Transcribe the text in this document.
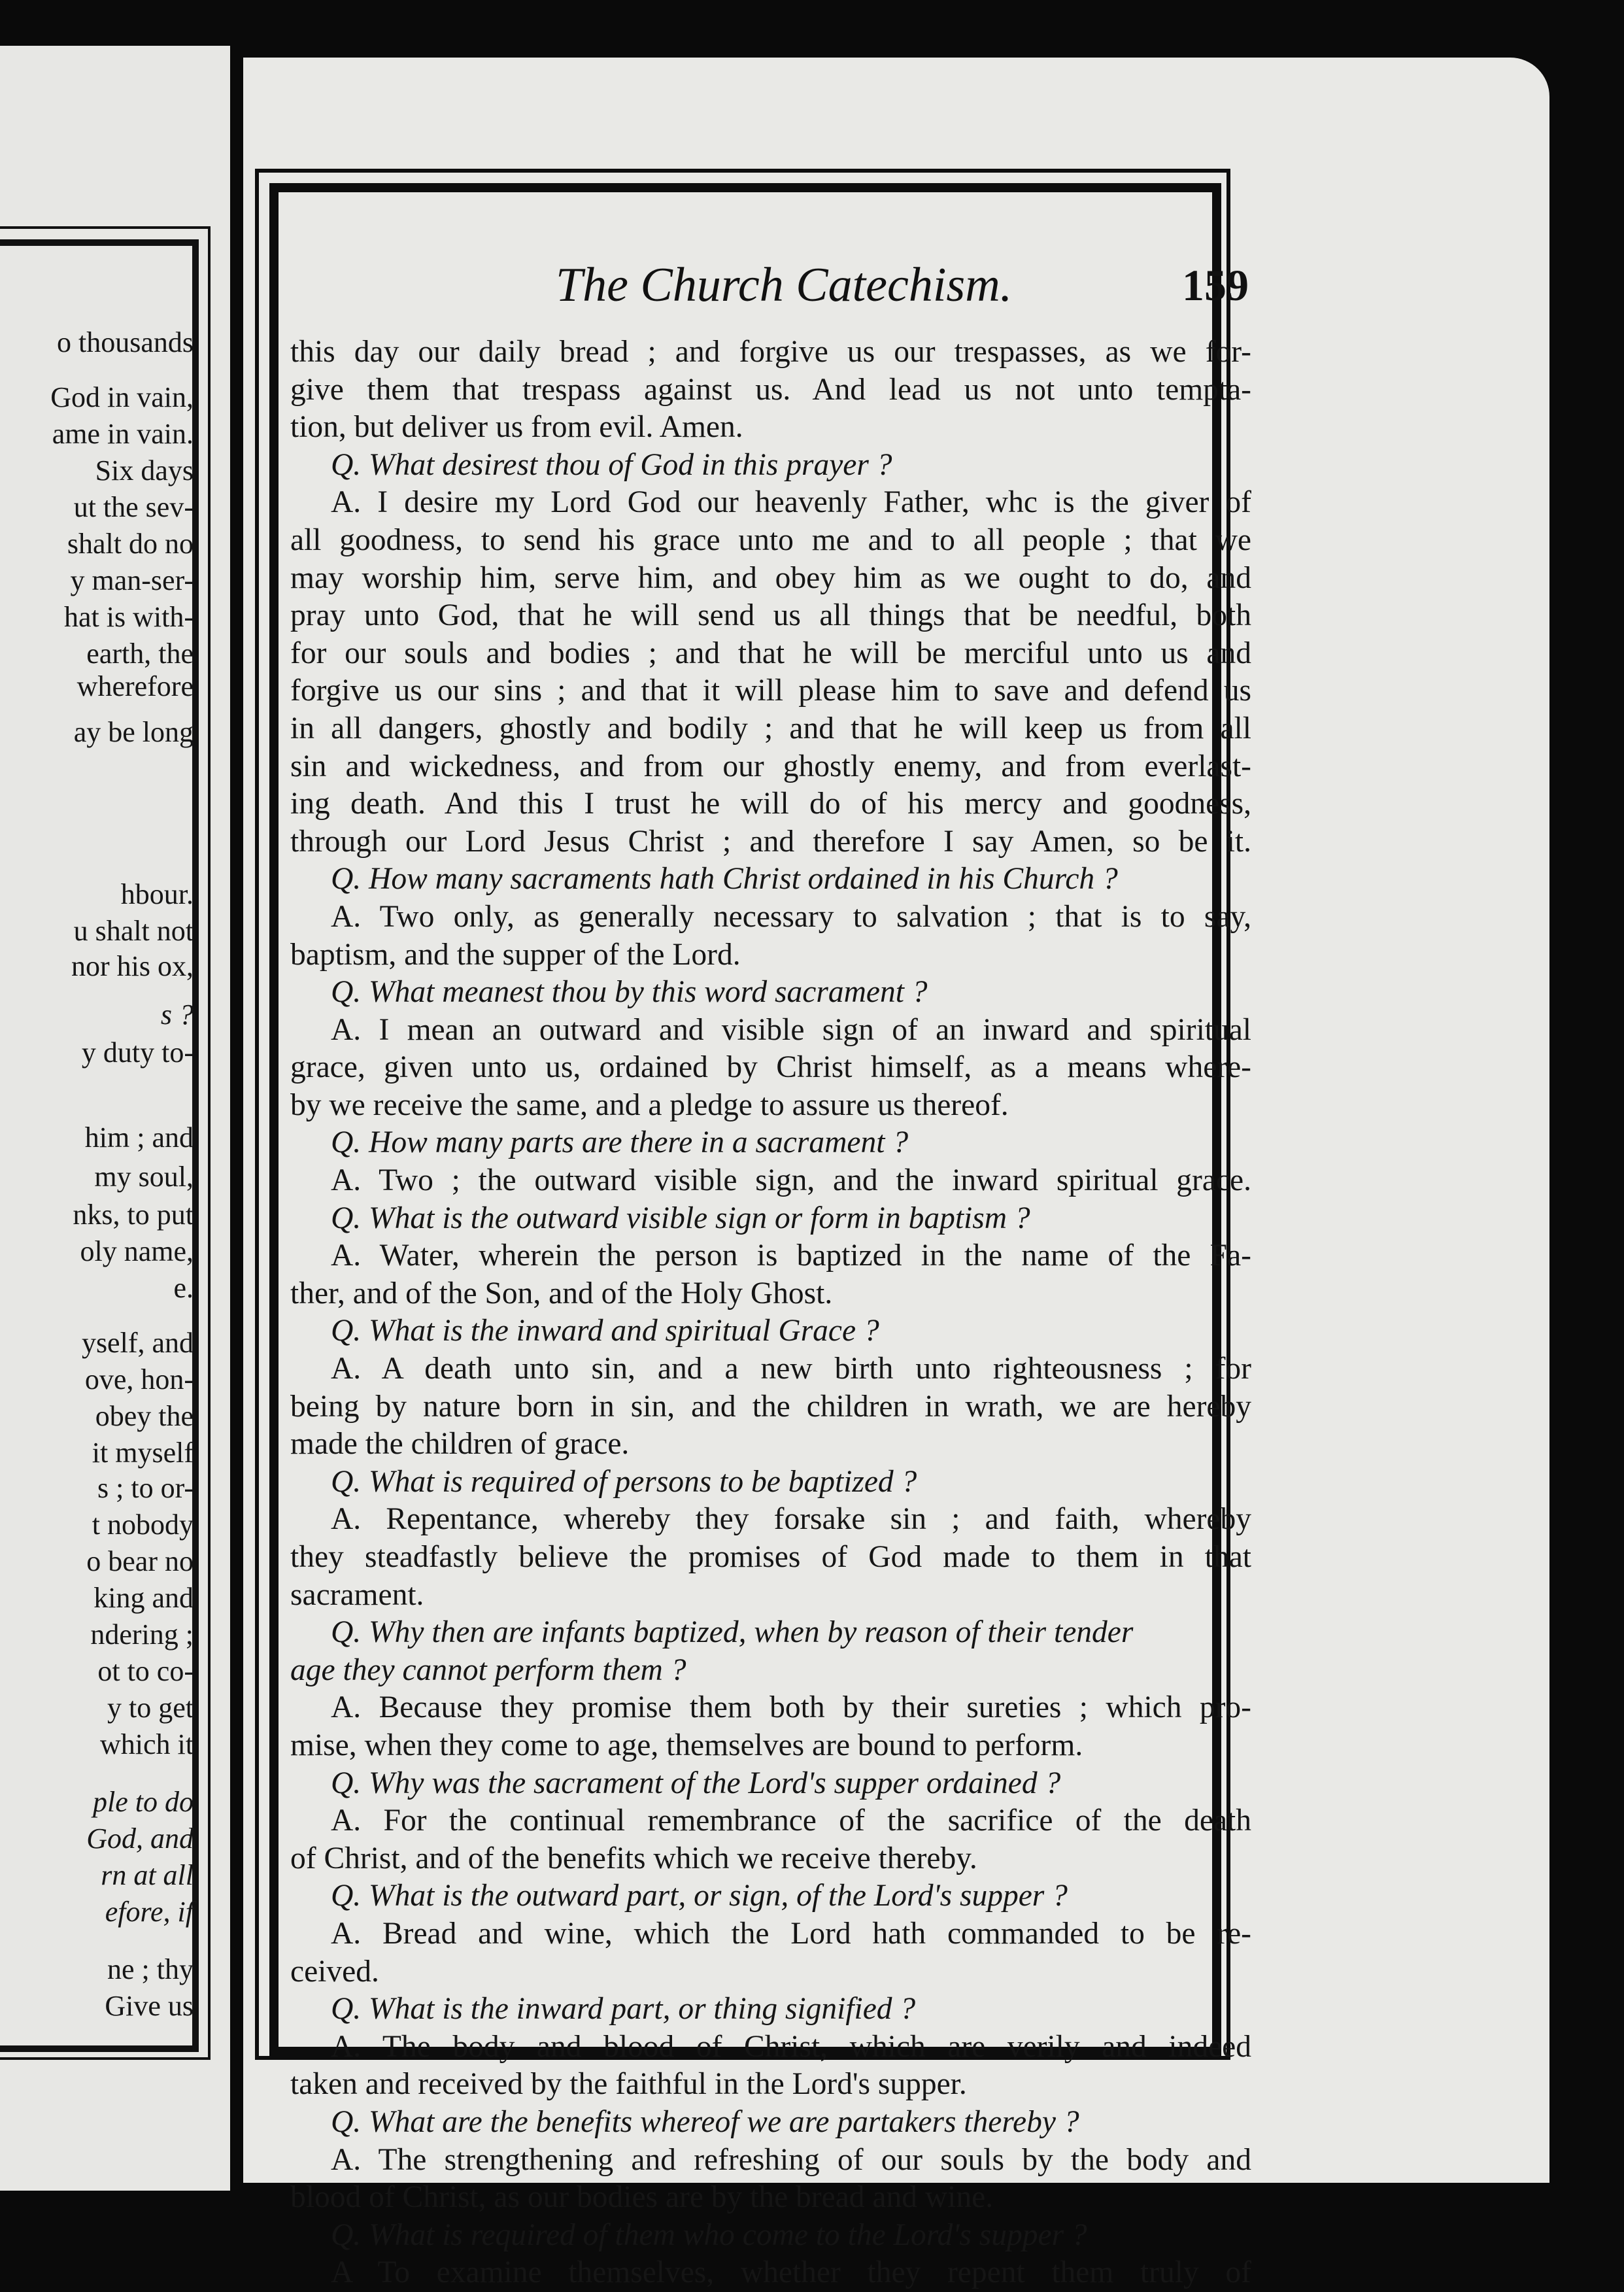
o thousands
God in vain,
ame in vain.
Six days
ut the sev-
shalt do no
y man-ser-
hat is with-
earth, the
wherefore
ay be long
hbour.
u shalt not
nor his ox,
s ?
y duty to-
him ; and
my soul,
nks, to put
oly name,
e.
yself, and
ove, hon-
obey the
it myself
s ; to or-
t nobody
o bear no
king and
ndering ;
ot to co-
y to get
which it
ple to do
God, and
rn at all
efore, if
ne ; thy
Give us
The Church Catechism.	159
this day our daily bread ; and forgive us our trespasses, as we for-
give them that trespass against us. And lead us not unto tempta-
tion, but deliver us from evil. Amen.
Q. What desirest thou of God in this prayer ?
A. I desire my Lord God our heavenly Father, whc is the giver of
all goodness, to send his grace unto me and to all people ; that we
may worship him, serve him, and obey him as we ought to do, and
pray unto God, that he will send us all things that be needful, both
for our souls and bodies ; and that he will be merciful unto us and
forgive us our sins ; and that it will please him to save and defend us
in all dangers, ghostly and bodily ; and that he will keep us from all
sin and wickedness, and from our ghostly enemy, and from everlast-
ing death. And this I trust he will do of his mercy and goodness,
through our Lord Jesus Christ ; and therefore I say Amen, so be it.
Q. How many sacraments hath Christ ordained in his Church ?
A. Two only, as generally necessary to salvation ; that is to say,
baptism, and the supper of the Lord.
Q. What meanest thou by this word sacrament ?
A. I mean an outward and visible sign of an inward and spiritual
grace, given unto us, ordained by Christ himself, as a means where-
by we receive the same, and a pledge to assure us thereof.
Q. How many parts are there in a sacrament ?
A. Two ; the outward visible sign, and the inward spiritual grace.
Q. What is the outward visible sign or form in baptism ?
A. Water, wherein the person is baptized in the name of the Fa-
ther, and of the Son, and of the Holy Ghost.
Q. What is the inward and spiritual Grace ?
A. A death unto sin, and a new birth unto righteousness ; for
being by nature born in sin, and the children in wrath, we are hereby
made the children of grace.
Q. What is required of persons to be baptized ?
A. Repentance, whereby they forsake sin ; and faith, whereby
they steadfastly believe the promises of God made to them in that
sacrament.
Q. Why then are infants baptized, when by reason of their tender
age they cannot perform them ?
A. Because they promise them both by their sureties ; which pro-
mise, when they come to age, themselves are bound to perform.
Q. Why was the sacrament of the Lord's supper ordained ?
A. For the continual remembrance of the sacrifice of the death
of Christ, and of the benefits which we receive thereby.
Q. What is the outward part, or sign, of the Lord's supper ?
A. Bread and wine, which the Lord hath commanded to be re-
ceived.
Q. What is the inward part, or thing signified ?
A. The body and blood of Christ, which are verily and indeed
taken and received by the faithful in the Lord's supper.
Q. What are the benefits whereof we are partakers thereby ?
A. The strengthening and refreshing of our souls by the body and
blood of Christ, as our bodies are by the bread and wine.
Q. What is required of them who come to the Lord's supper ?
A To examine themselves, whether they repent them truly of
